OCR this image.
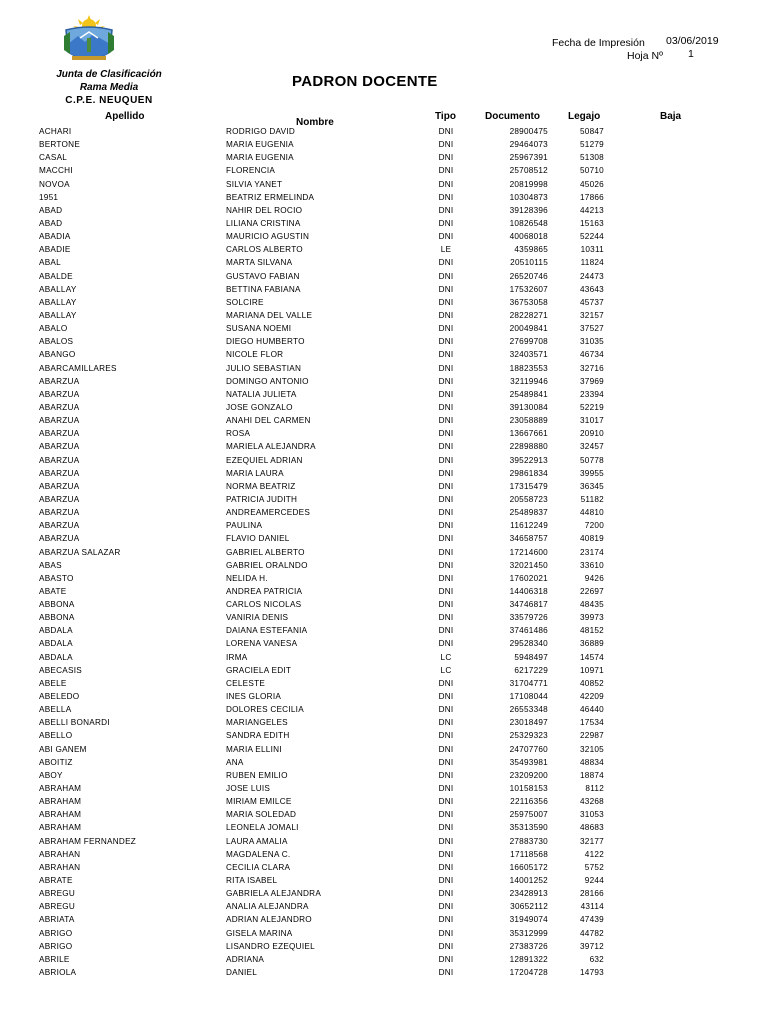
Junta de Clasificación
Rama Media
C.P.E. NEUQUEN
PADRON DOCENTE
Fecha de Impresión 03/06/2019
Hoja Nº 1
Apellido
Nombre
Tipo	Documento	Legajo	Baja
ACHARI	RODRIGO DAVID	DNI	28900475	50847
BERTONE	MARIA EUGENIA	DNI	29464073	51279
CASAL	MARIA EUGENIA	DNI	25967391	51308
MACCHI	FLORENCIA	DNI	25708512	50710
NOVOA	SILVIA YANET	DNI	20819998	45026
1951	BEATRIZ ERMELINDA	DNI	10304873	17866
ABAD	NAHIR DEL ROCIO	DNI	39128396	44213
ABAD	LILIANA CRISTINA	DNI	10826548	15163
ABADIA	MAURICIO AGUSTIN	DNI	40068018	52244
ABADIE	CARLOS ALBERTO	LE	4359865	10311
ABAL	MARTA SILVANA	DNI	20510115	11824
ABALDE	GUSTAVO FABIAN	DNI	26520746	24473
ABALLAY	BETTINA FABIANA	DNI	17532607	43643
ABALLAY	SOLCIRE	DNI	36753058	45737
ABALLAY	MARIANA DEL VALLE	DNI	28228271	32157
ABALO	SUSANA NOEMI	DNI	20049841	37527
ABALOS	DIEGO HUMBERTO	DNI	27699708	31035
ABANGO	NICOLE FLOR	DNI	32403571	46734
ABARCAMILLARES	JULIO SEBASTIAN	DNI	18823553	32716
ABARZUA	DOMINGO ANTONIO	DNI	32119946	37969
ABARZUA	NATALIA JULIETA	DNI	25489841	23394
ABARZUA	JOSE GONZALO	DNI	39130084	52219
ABARZUA	ANAHI DEL CARMEN	DNI	23058889	31017
ABARZUA	ROSA	DNI	13667661	20910
ABARZUA	MARIELA ALEJANDRA	DNI	22898880	32457
ABARZUA	EZEQUIEL ADRIAN	DNI	39522913	50778
ABARZUA	MARIA LAURA	DNI	29861834	39955
ABARZUA	NORMA BEATRIZ	DNI	17315479	36345
ABARZUA	PATRICIA JUDITH	DNI	20558723	51182
ABARZUA	ANDREAMERCEDES	DNI	25489837	44810
ABARZUA	PAULINA	DNI	11612249	7200
ABARZUA	FLAVIO DANIEL	DNI	34658757	40819
ABARZUA SALAZAR	GABRIEL ALBERTO	DNI	17214600	23174
ABAS	GABRIEL ORALNDO	DNI	32021450	33610
ABASTO	NELIDA H.	DNI	17602021	9426
ABATE	ANDREA PATRICIA	DNI	14406318	22697
ABBONA	CARLOS NICOLAS	DNI	34746817	48435
ABBONA	VANIRIA DENIS	DNI	33579726	39973
ABDALA	DAIANA ESTEFANIA	DNI	37461486	48152
ABDALA	LORENA VANESA	DNI	29528340	36889
ABDALA	IRMA	LC	5948497	14574
ABECASIS	GRACIELA EDIT	LC	6217229	10971
ABELE	CELESTE	DNI	31704771	40852
ABELEDO	INES GLORIA	DNI	17108044	42209
ABELLA	DOLORES CECILIA	DNI	26553348	46440
ABELLI BONARDI	MARIANGELES	DNI	23018497	17534
ABELLO	SANDRA EDITH	DNI	25329323	22987
ABI GANEM	MARIA ELLINI	DNI	24707760	32105
ABOITIZ	ANA	DNI	35493981	48834
ABOY	RUBEN EMILIO	DNI	23209200	18874
ABRAHAM	JOSE LUIS	DNI	10158153	8112
ABRAHAM	MIRIAM EMILCE	DNI	22116356	43268
ABRAHAM	MARIA SOLEDAD	DNI	25975007	31053
ABRAHAM	LEONELA JOMALI	DNI	35313590	48683
ABRAHAM FERNANDEZ	LAURA AMALIA	DNI	27883730	32177
ABRAHAN	MAGDALENA C.	DNI	17118568	4122
ABRAHAN	CECILIA CLARA	DNI	16605172	5752
ABRATE	RITA ISABEL	DNI	14001252	9244
ABREGU	GABRIELA ALEJANDRA	DNI	23428913	28166
ABREGU	ANALIA ALEJANDRA	DNI	30652112	43114
ABRIATA	ADRIAN ALEJANDRO	DNI	31949074	47439
ABRIGO	GISELA MARINA	DNI	35312999	44782
ABRIGO	LISANDRO EZEQUIEL	DNI	27383726	39712
ABRILE	ADRIANA	DNI	12891322	632
ABRIOLA	DANIEL	DNI	17204728	14793
